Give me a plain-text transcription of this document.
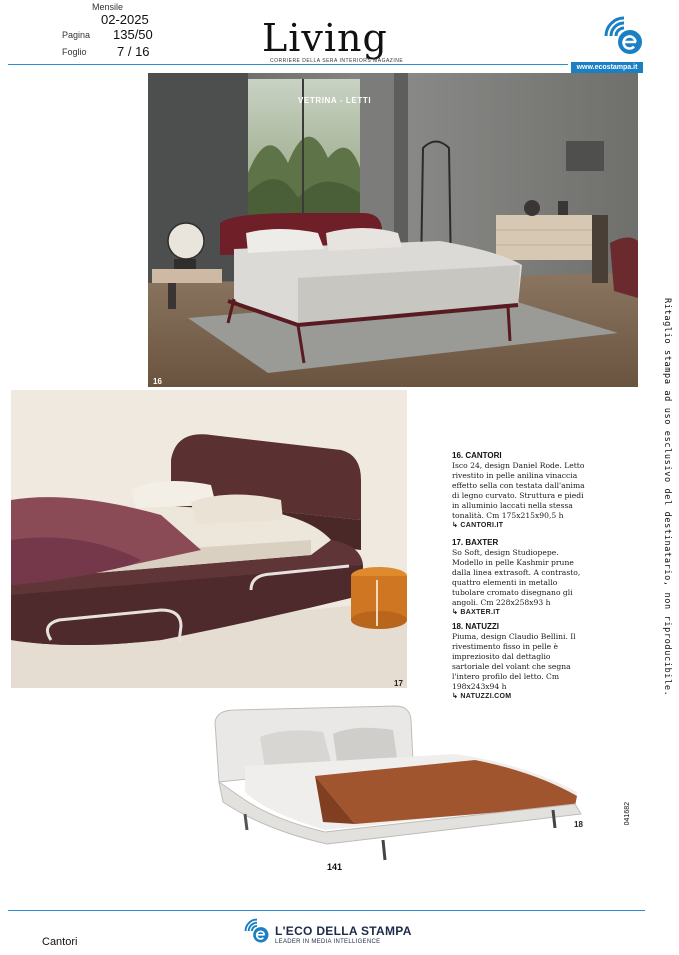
Mensile
02-2025
Pagina 135/50
Foglio 7 / 16	Living
CORRIERE DELLA SERA INTERIORS MAGAZINE
www.ecostampa.it
VETRINA - LETTI
16
17
18
16. CANTORI

Isco 24, design Daniel Rode. Letto rivestito in pelle anilina vinaccia effetto sella con testata dall'anima di legno curvato. Struttura e piedi in alluminio laccati nella stessa tonalità. Cm 175x215x90,5 h

↳ CANTORI.IT

17. BAXTER

So Soft, design Studiopepe. Modello in pelle Kashmir prune dalla linea extrasoft. A contrasto, quattro elementi in metallo tubolare cromato disegnano gli angoli. Cm 228x258x93 h

↳ BAXTER.IT

18. NATUZZI

Piuma, design Claudio Bellini. Il rivestimento fisso in pelle è impreziosito dal dettaglio sartoriale del volant che segna l'intero profilo del letto. Cm 198x243x94 h

↳ NATUZZI.COM

Ritaglio stampa ad uso esclusivo del destinatario, non riproducibile.
041682
141
L'ECO DELLA STAMPA
LEADER IN MEDIA INTELLIGENCE
Cantori
